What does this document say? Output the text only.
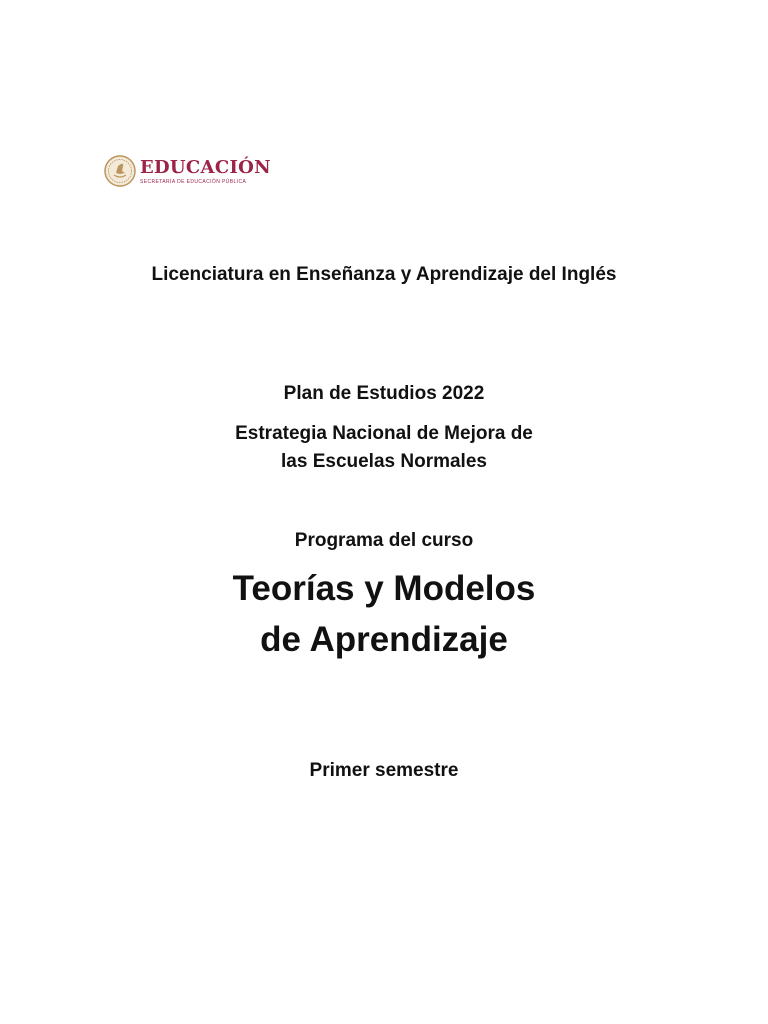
EDUCACIÓN
SECRETARÍA DE EDUCACIÓN PÚBLICA
Licenciatura en Enseñanza y Aprendizaje del Inglés
Plan de Estudios 2022
Estrategia Nacional de Mejora de
las Escuelas Normales
Programa del curso
Teorías y Modelos
de Aprendizaje
Primer semestre
